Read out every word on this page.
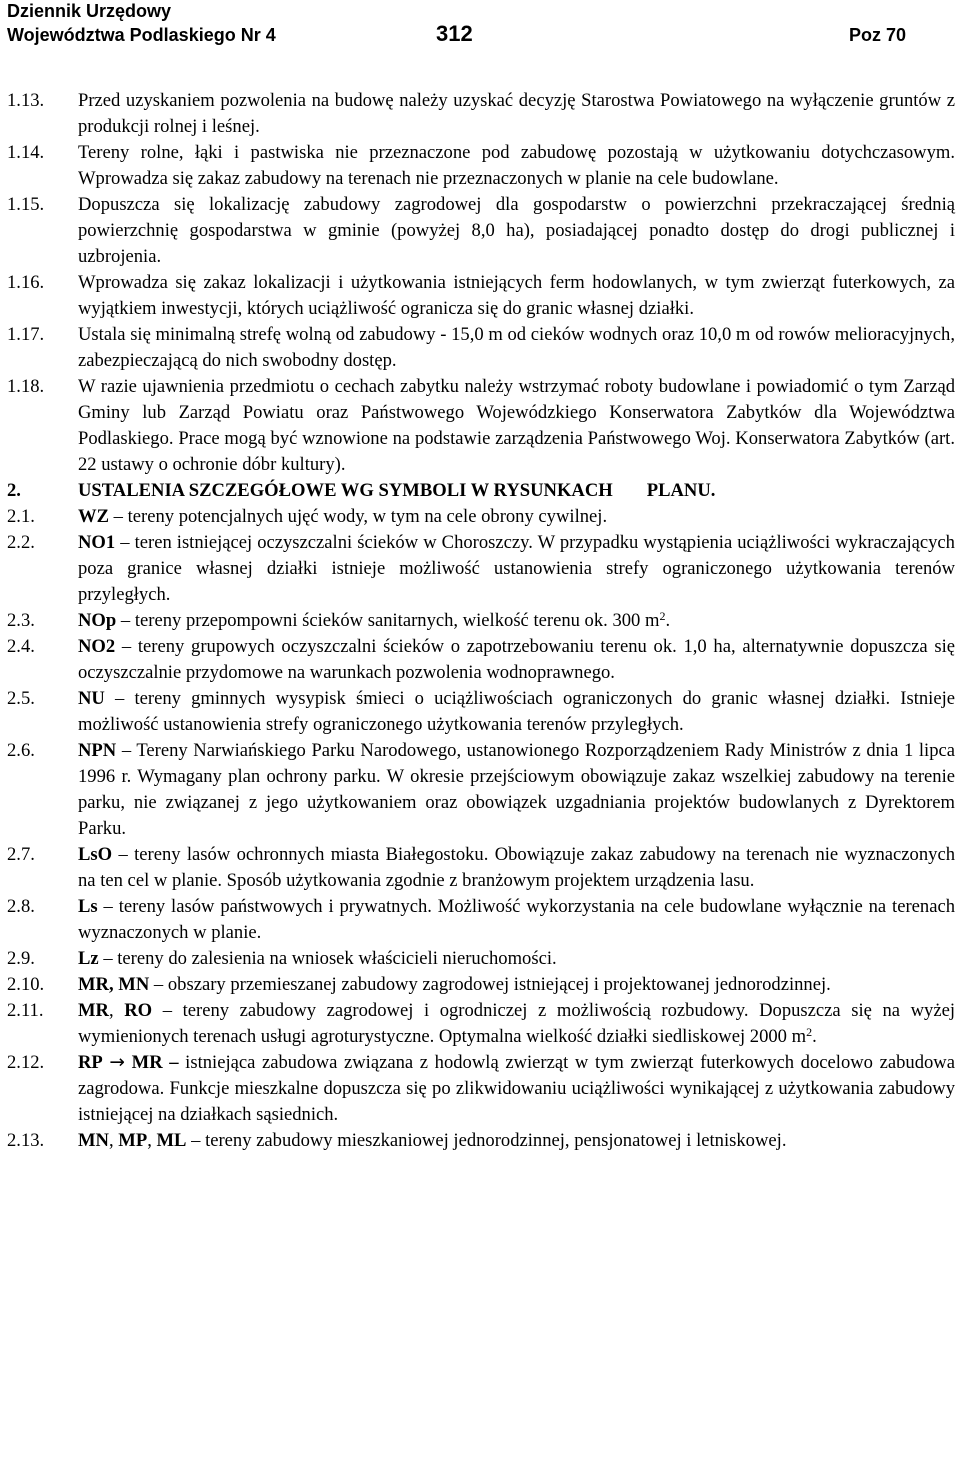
Dziennik Urzędowy
Województwa Podlaskiego Nr 4	312	Poz 70
1.13.	Przed uzyskaniem pozwolenia na budowę należy uzyskać decyzję Starostwa Powiatowego na wyłączenie gruntów z produkcji rolnej i leśnej.
1.14.	Tereny rolne, łąki i pastwiska nie przeznaczone pod zabudowę pozostają w użytkowaniu dotychczasowym. Wprowadza się zakaz zabudowy na terenach nie przeznaczonych w planie na cele budowlane.
1.15.	Dopuszcza się lokalizację zabudowy zagrodowej dla gospodarstw o powierzchni przekraczającej średnią powierzchnię gospodarstwa w gminie (powyżej 8,0 ha), posiadającej ponadto dostęp do drogi publicznej i uzbrojenia.
1.16.	Wprowadza się zakaz lokalizacji i użytkowania istniejących ferm hodowlanych, w tym zwierząt futerkowych, za wyjątkiem inwestycji, których uciążliwość ogranicza się do granic własnej działki.
1.17.	Ustala się minimalną strefę wolną od zabudowy - 15,0 m od cieków wodnych oraz 10,0 m od rowów melioracyjnych, zabezpieczającą do nich swobodny dostęp.
1.18.	W razie ujawnienia przedmiotu o cechach zabytku należy wstrzymać roboty budowlane i powiadomić o tym Zarząd Gminy lub Zarząd Powiatu oraz Państwowego Wojewódzkiego Konserwatora Zabytków dla Województwa Podlaskiego. Prace mogą być wznowione na podstawie zarządzenia Państwowego Woj. Konserwatora Zabytków (art. 22 ustawy o ochronie dóbr kultury).
2.	USTALENIA SZCZEGÓŁOWE WG SYMBOLI W RYSUNKACH PLANU.
2.1.	WZ – tereny potencjalnych ujęć wody, w tym na cele obrony cywilnej.
2.2.	NO1 – teren istniejącej oczyszczalni ścieków w Choroszczy. W przypadku wystąpienia uciążliwości wykraczających poza granice własnej działki istnieje możliwość ustanowienia strefy ograniczonego użytkowania terenów przyległych.
2.3.	NOp – tereny przepompowni ścieków sanitarnych, wielkość terenu ok. 300 $m^2$.
2.4.	NO2 – tereny grupowych oczyszczalni ścieków o zapotrzebowaniu terenu ok. 1,0 ha, alternatywnie dopuszcza się oczyszczalnie przydomowe na warunkach pozwolenia wodnoprawnego.
2.5.	NU – tereny gminnych wysypisk śmieci o uciążliwościach ograniczonych do granic własnej działki. Istnieje możliwość ustanowienia strefy ograniczonego użytkowania terenów przyległych.
2.6.	NPN – Tereny Narwiańskiego Parku Narodowego, ustanowionego Rozporządzeniem Rady Ministrów z dnia 1 lipca 1996 r. Wymagany plan ochrony parku. W okresie przejściowym obowiązuje zakaz wszelkiej zabudowy na terenie parku, nie związanej z jego użytkowaniem oraz obowiązek uzgadniania projektów budowlanych z Dyrektorem Parku.
2.7.	LsO – tereny lasów ochronnych miasta Białegostoku. Obowiązuje zakaz zabudowy na terenach nie wyznaczonych na ten cel w planie. Sposób użytkowania zgodnie z branżowym projektem urządzenia lasu.
2.8.	Ls – tereny lasów państwowych i prywatnych. Możliwość wykorzystania na cele budowlane wyłącznie na terenach wyznaczonych w planie.
2.9.	Lz – tereny do zalesienia na wniosek właścicieli nieruchomości.
2.10.	MR, MN – obszary przemieszanej zabudowy zagrodowej istniejącej i projektowanej jednorodzinnej.
2.11.	MR, RO – tereny zabudowy zagrodowej i ogrodniczej z możliwością rozbudowy. Dopuszcza się na wyżej wymienionych terenach usługi agroturystyczne. Optymalna wielkość działki siedliskowej 2000 $m^2$.
2.12.	RP → MR – istniejąca zabudowa związana z hodowlą zwierząt w tym zwierząt futerkowych docelowo zabudowa zagrodowa. Funkcje mieszkalne dopuszcza się po zlikwidowaniu uciążliwości wynikającej z użytkowania zabudowy istniejącej na działkach sąsiednich.
2.13.	MN, MP, ML – tereny zabudowy mieszkaniowej jednorodzinnej, pensjonatowej i letniskowej.
